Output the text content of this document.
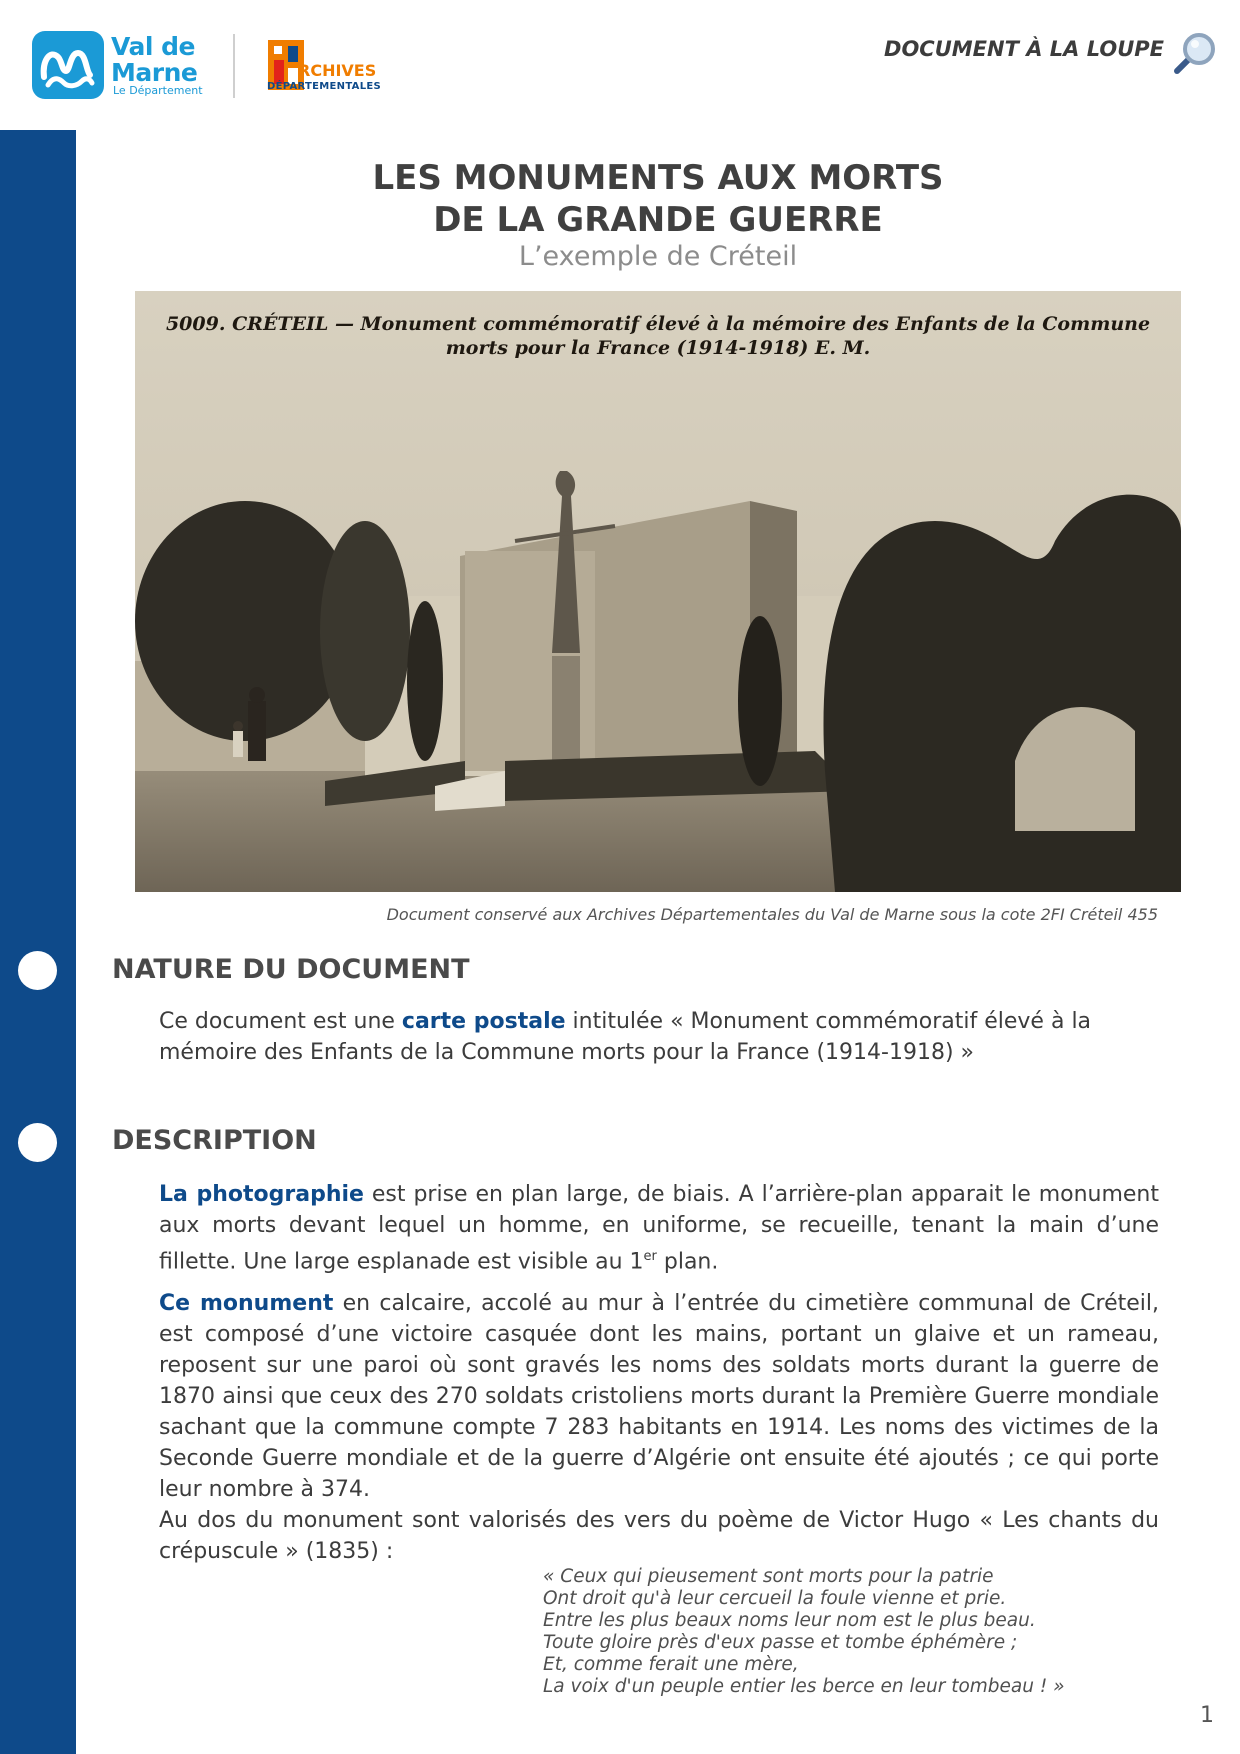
Val de
Marne
Le Département
RCHIVES
DÉPARTEMENTALES
DOCUMENT À LA LOUPE
LES MONUMENTS AUX MORTS
DE LA GRANDE GUERRE
L’exemple de Créteil
5009. CRÉTEIL — Monument commémoratif élevé à la mémoire des Enfants de la Commune
morts pour la France (1914-1918) E. M.
Document conservé aux Archives Départementales du Val de Marne sous la cote 2FI Créteil 455
NATURE DU DOCUMENT
Ce document est une carte postale intitulée « Monument commémoratif élevé à la mémoire des Enfants de la Commune morts pour la France (1914-1918) »
DESCRIPTION
La photographie est prise en plan large, de biais. A l’arrière-plan apparait le monument aux morts devant lequel un homme, en uniforme, se recueille, tenant la main d’une fillette. Une large esplanade est visible au 1er plan.
Ce monument en calcaire, accolé au mur à l’entrée du cimetière communal de Créteil, est composé d’une victoire casquée dont les mains, portant un glaive et un rameau, reposent sur une paroi où sont gravés les noms des soldats morts durant la guerre de 1870 ainsi que ceux des 270 soldats cristoliens morts durant la Première Guerre mondiale sachant que la commune compte 7 283 habitants en 1914. Les noms des victimes de la Seconde Guerre mondiale et de la guerre d’Algérie ont ensuite été ajoutés ; ce qui porte leur nombre à 374.
Au dos du monument sont valorisés des vers du poème de Victor Hugo « Les chants du crépuscule » (1835) :
« Ceux qui pieusement sont morts pour la patrie
Ont droit qu'à leur cercueil la foule vienne et prie.
Entre les plus beaux noms leur nom est le plus beau.
Toute gloire près d'eux passe et tombe éphémère ;
Et, comme ferait une mère,
La voix d'un peuple entier les berce en leur tombeau ! »
1
